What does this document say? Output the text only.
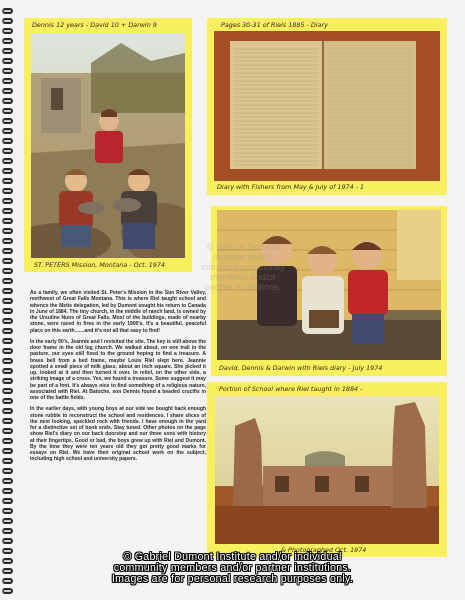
Dennis 12 years - David 10 + Darwin 9
ST. PETERS Mission, Montana - Oct. 1974
Pages 30-31 of Riels 1885 - Diary
Diary with Fishers from May & July of 1974 - 1
David, Dennis & Darwin with Riels diary - July 1974
Portion of School where Riel taught in 1884 -
& Photographed Oct. 1974

As a family, we often visited St. Peter's Mission in the Sun River Valley, northwest of Great Falls Montana. This is where Riel taught school and whence the Metis delegation, led by Dumont sought his return to Canada in June of 1884. The tiny church, in the middle of ranch land, is owned by the Ursuline Nuns of Great Falls. Most of the buildings, made of nearby stone, were razed in fires in the early 1900's. It's a beautiful, peaceful place on this earth.......and it's not all that easy to find!

In the early 90's, Jeannie and I revisited the site. The key is still above the door frame in the old log church. We walked about, on one trail in the pasture, our eyes still fixed to the ground hoping to find a treasure. A brass bell from a bed frame, maybe Louis Riel slept here. Jeannie spotted a small piece of milk glass, about an inch square. She picked it up, looked at it and then turned it over. In relief, on the other side, a striking image of a cross. Yes, we found a treasure. Some suggest it may be part of a font. It's always nice to find something of a religious nature, associated with Riel. At Batoche, son Dennis found a beaded crucifix in one of the battle fields.

In the earlier days, with young boys at our side we bought back enough stone rubble to reconstruct the school and residences. I share slices of the next looking, speckled rock with friends. I have enough in the yard for a distinctive set of book ends. Stay tuned. Other photos on the page show Riel's diary on our back doorstep and our three sons with history at their fingertips. Good or bad, the boys grew up with Riel and Dumont. By the time they were ten years old they got pretty good marks for essays on Riel. We have their original school work on the subject, including high school and university papers.

© Gabriel Dumont Institute and/or individual community members and/or partner institutions.
© Gabriel Dumont Institute and/or individual
community members and/or partner institutions.
Images are for personal research purposes only.
